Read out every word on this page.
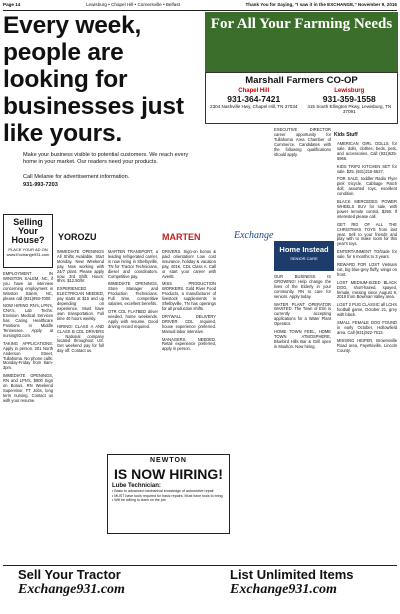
Page 14	Lewisburg • Chapel Hill • Cornersville • Belfast	Thank You for Saying, "I saw it in the EXCHANGE," November 9, 2016
Every week, people are looking for businesses just like yours.
Make your business visible to potential customers. We reach every home in your market. Our readers need your products.
Call Melanie for advertisement information.
931-993-7203
For All Your Farming Needs
Marshall Farmers CO-OP
Chapel Hill
931-364-7421
2304 Nashville Hwy, Chapel Hill, TN 37034
Lewisburg
931-359-1558
415 South Ellington Pkwy, Lewisburg, TN 37091
Selling Your House?
PLACE YOUR AD ON www.Exchange931.com
YOROZU	MARTEN	Exchange
Home Instead
SENIOR CARE
Kids Stuff

EMPLOYMENT IN WINSTON SALEM, NC, if you have an interview concerning employment in Winston Salem, NC, please call (931)993-7000.

NOW HIRING RN's, LPN's, CNA's, Lab Techs. Envision Medical Services has Caring Healthcare Positions in Middle Tennessee. Apply at nursing93.com.

TAKING APPLICATIONS: Apply in person. 201 North Anderson Street, Tullahoma. No phone calls. Monday-Friday from 8am-3pm.

IMMEDIATE OPENINGS, RN and LPN's, $800 Sign on Bonus, RN Weekend Supervisor, FT Jobs, long term nursing. Contact us with your resume.

IMMEDIATE OPENINGS All Shifts Available. Start Monday. New Weekend pay. Now working with 24/7 plant. Please apply now. 3rd Shift. Hours: 8hrs. $12.50/hr.

EXPERIENCED ELECTRICIAN NEEDED, pay starts at $15 and up depending on experience. Must have own transportation. Full time 40 hours weekly.

HIRING! CLASS A AND CLASS B CDL DRIVERS - National company located throughout US. Get weekend pay for full day off. Contact us.

MARTEN TRANSPORT, a leading refrigerated carrier, is now hiring in Shelbyville, TN for Tractor Technicians, diesel and coordinators. Competitive pay.

IMMEDIATE OPENINGS, Store Manager and Production Technicians. Full time, competitive salaries, excellent benefits.

OTR CDL FLATBED driver needed, home weekends. Apply with resume. Good driving record required.

DRIVERS. Sign-on bonus & paid orientation! Low cost insurance, holiday & vacation pay, 401K, CDL Class A. Call or start your career with Averitt.

MISS PRODUCTION WORKERS. Gold River Food Products, a manufacturer of livestock supplements in Shelbyville, TN has openings for all production shifts.

DRYWALL DELIVERY DRIVER. CDL required, house experience preferred. Manual labor intensive.

MANAGERS NEEDED. Retail experience preferred, apply in person.

EXECUTIVE DIRECTOR career opportunity for Tullahoma Area Chamber of Commerce. Candidates with the following qualifications should apply.

OUR BUSINESS IS GROWING! Help change the lives of the Elderly in your community. RN to care for seniors. Apply today.

WATER PLANT OPERATOR WANTED. The Town of Erin is currently accepting applications for a Water Plant Operator.

HOME TOWN FEEL, HOME TOWN ATMOSPHERE, Bluebird Hills Bar & Grill open in Moulton. Now hiring.

AMERICAN GIRL DOLLS for sale, dolls, clothes, beds, pets, and accessories. Call (931)625-5966.

KIDS TRIP2 KITCHEN SET for sale. $25. (931)215-5627.

FOR SALE, toddler Radio Flyer pink tricycle, Cabbage Patch doll, assorted toys, excellent condition.

BLACK MERCEDES POWER WHEELS SUV for sale, with power remote control, $250. If interested please call.

GET RID OF ALL THE CHRISTMAS TOYS from last year. Sell to your friends and play with to make room for this year's toys.

ENTERTAINMENT TO/trade for sale, for 6 months to 3 years.

REWARD FOR LOST Vietnam cat, big blue-grey fluffy, wings on front.

LOST MEDIUM-SIZED BLACK DOG, short-haired, spayed, female, missing since August 9, 2016 from Bowman Valley area.

LOST 2 PUG CLASSIC all LCHS football game, October 21, grey with black.

SMALL FEMALE DOG FOUND in early October, Hollowfield area. Call (931)922-7613.

MISSING HEIFER, Brownsville Road area, Fayetteville, Lincoln County.

NEWTON
IS NOW HIRING!
Lube Technician:
• Basic to advanced mechanical knowledge of automotive repair
• MUST have tools required for basic repairs. Must have tools to bring
• Will be willing to learn on the job
Sell Your Tractor
Exchange931.com
List Unlimited Items
Exchange931.com
